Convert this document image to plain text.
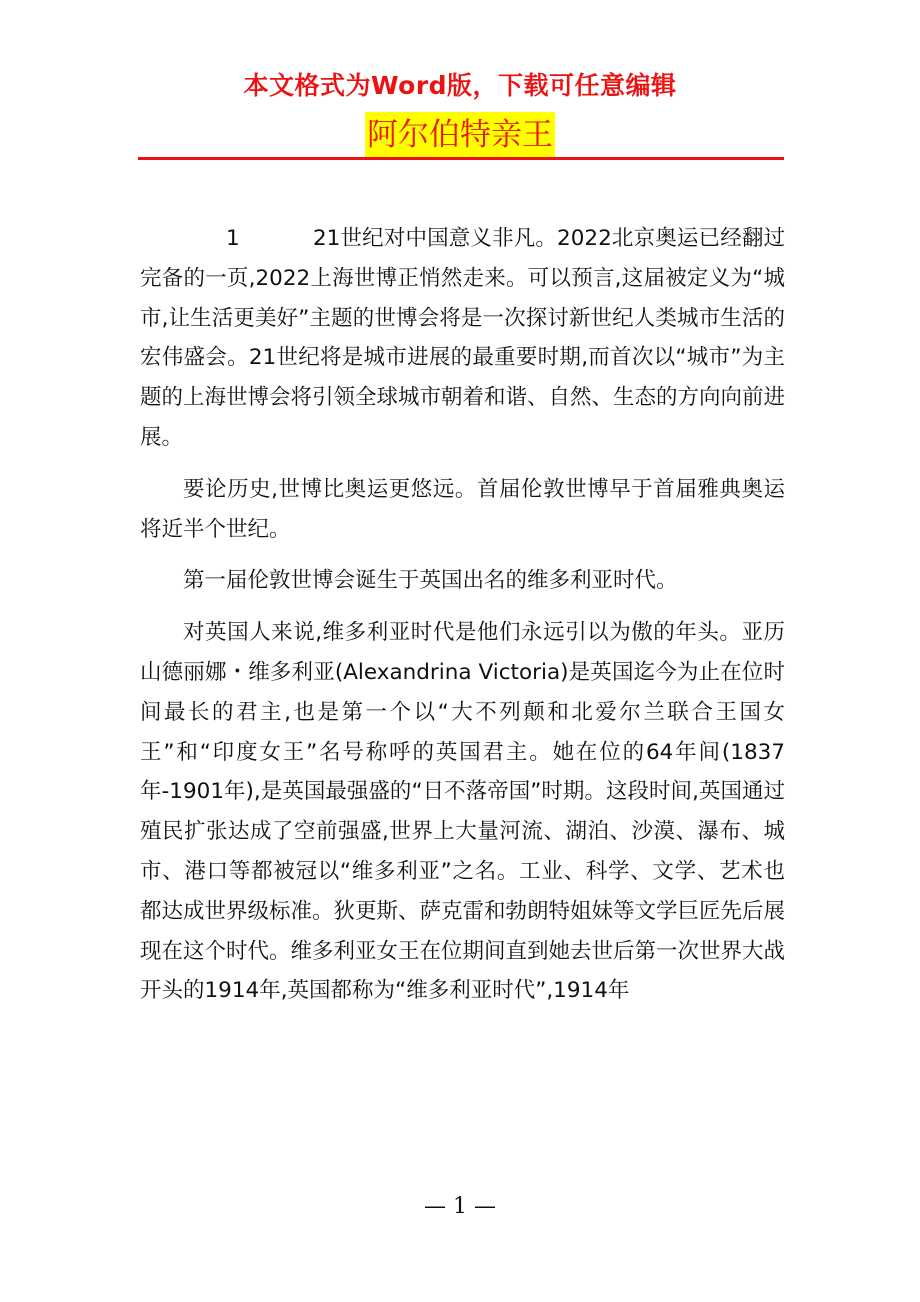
本文格式为Word版，下载可任意编辑
阿尔伯特亲王

1	21世纪对中国意义非凡。2022北京奥运已经翻过完备的一页,2022上海世博正悄然走来。可以预言,这届被定义为“城市,让生活更美好”主题的世博会将是一次探讨新世纪人类城市生活的宏伟盛会。21世纪将是城市进展的最重要时期,而首次以“城市”为主题的上海世博会将引领全球城市朝着和谐、自然、生态的方向向前进展。

要论历史,世博比奥运更悠远。首届伦敦世博早于首届雅典奥运将近半个世纪。

第一届伦敦世博会诞生于英国出名的维多利亚时代。

对英国人来说,维多利亚时代是他们永远引以为傲的年头。亚历山德丽娜・维多利亚(Alexandrina Victoria)是英国迄今为止在位时间最长的君主,也是第一个以“大不列颠和北爱尔兰联合王国女王”和“印度女王”名号称呼的英国君主。她在位的64年间(1837年-1901年),是英国最强盛的“日不落帝国”时期。这段时间,英国通过殖民扩张达成了空前强盛,世界上大量河流、湖泊、沙漠、瀑布、城市、港口等都被冠以“维多利亚”之名。工业、科学、文学、艺术也都达成世界级标准。狄更斯、萨克雷和勃朗特姐妹等文学巨匠先后展现在这个时代。维多利亚女王在位期间直到她去世后第一次世界大战开头的1914年,英国都称为“维多利亚时代”,1914年

— 1 —
